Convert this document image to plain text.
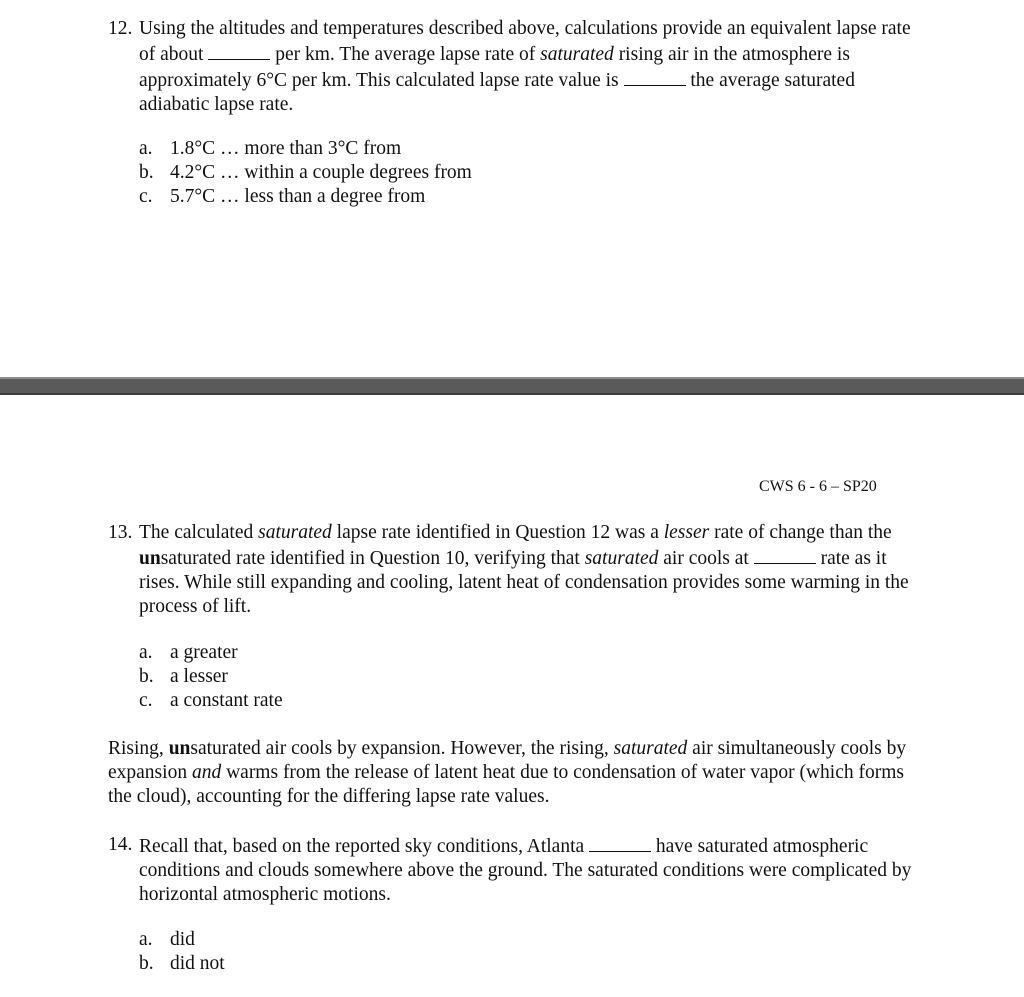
12. Using the altitudes and temperatures described above, calculations provide an equivalent lapse rate of about	per km. The average lapse rate of saturated rising air in the atmosphere is approximately 6°C per km. This calculated lapse rate value is	the average saturated adiabatic lapse rate.
a. 1.8°C … more than 3°C from
b. 4.2°C … within a couple degrees from
c. 5.7°C … less than a degree from
CWS 6 - 6 – SP20
13. The calculated saturated lapse rate identified in Question 12 was a lesser rate of change than the unsaturated rate identified in Question 10, verifying that saturated air cools at	rate as it rises. While still expanding and cooling, latent heat of condensation provides some warming in the process of lift.
a. a greater
b. a lesser
c. a constant rate
Rising, unsaturated air cools by expansion. However, the rising, saturated air simultaneously cools by expansion and warms from the release of latent heat due to condensation of water vapor (which forms the cloud), accounting for the differing lapse rate values.
14. Recall that, based on the reported sky conditions, Atlanta	have saturated atmospheric conditions and clouds somewhere above the ground. The saturated conditions were complicated by horizontal atmospheric motions.
a. did
b. did not
